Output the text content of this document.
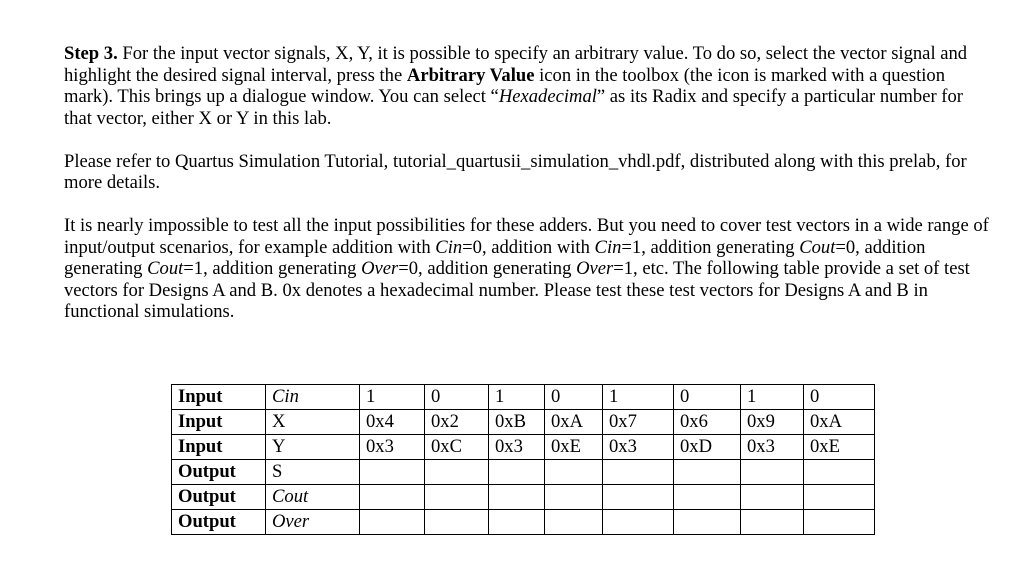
Step 3. For the input vector signals, X, Y, it is possible to specify an arbitrary value. To do so, select the vector signal and highlight the desired signal interval, press the Arbitrary Value icon in the toolbox (the icon is marked with a question mark). This brings up a dialogue window. You can select “Hexadecimal” as its Radix and specify a particular number for that vector, either X or Y in this lab.

Please refer to Quartus Simulation Tutorial, tutorial_quartusii_simulation_vhdl.pdf, distributed along with this prelab, for more details.

It is nearly impossible to test all the input possibilities for these adders. But you need to cover test vectors in a wide range of input/output scenarios, for example addition with Cin=0, addition with Cin=1, addition generating Cout=0, addition generating Cout=1, addition generating Over=0, addition generating Over=1, etc. The following table provide a set of test vectors for Designs A and B. 0x denotes a hexadecimal number. Please test these test vectors for Designs A and B in functional simulations.

Input	Cin	1	0	1	0	1	0	1	0
Input	X	0x4	0x2	0xB	0xA	0x7	0x6	0x9	0xA
Input	Y	0x3	0xC	0x3	0xE	0x3	0xD	0x3	0xE
Output	S								
Output	Cout								
Output	Over								
